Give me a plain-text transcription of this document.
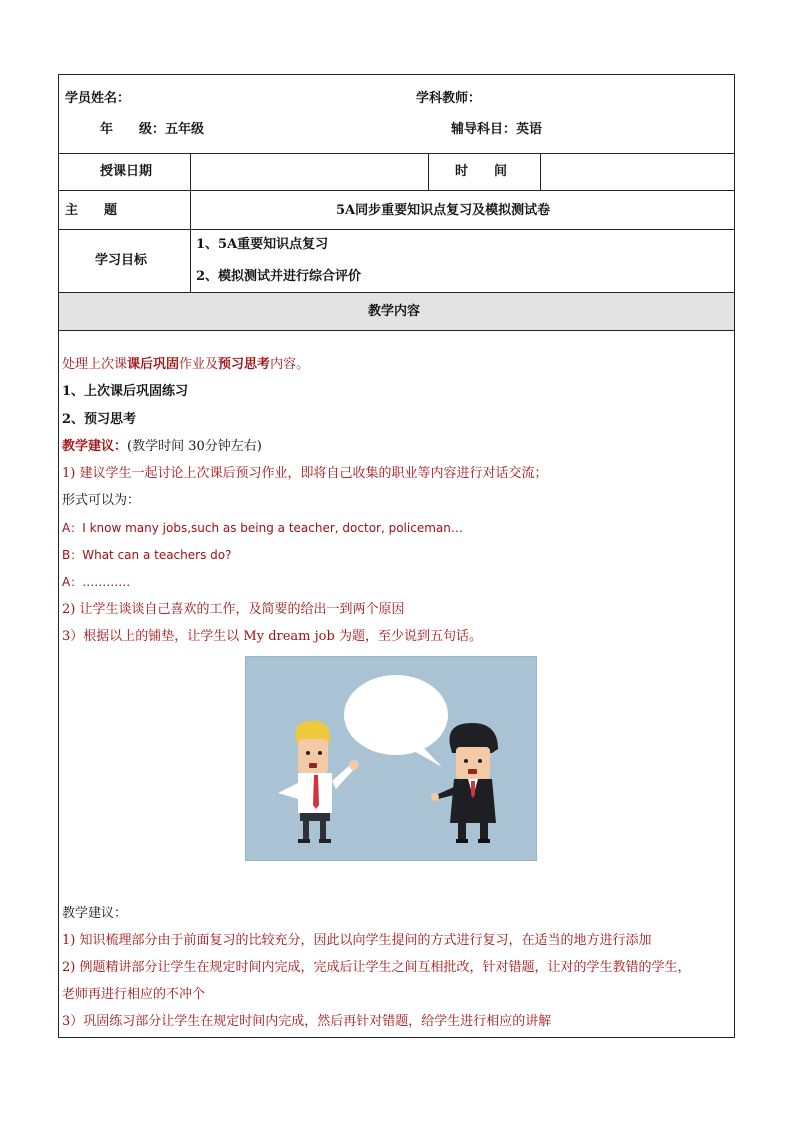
学员姓名：	学科教师：
年　　级：五年级	辅导科目：英语
授课日期	时　　间
主　　题	5A同步重要知识点复习及模拟测试卷
学习目标
1、5A重要知识点复习
2、模拟测试并进行综合评价
教学内容
处理上次课课后巩固作业及预习思考内容。
1、上次课后巩固练习
2、预习思考
教学建议：(教学时间 30分钟左右)
1) 建议学生一起讨论上次课后预习作业，即将自己收集的职业等内容进行对话交流；
形式可以为：
A：I know many jobs,such as being a teacher, doctor, policeman…
B：What can a teachers do?
A：…………
2) 让学生谈谈自己喜欢的工作，及简要的给出一到两个原因
3）根据以上的铺垫，让学生以 My dream job 为题，至少说到五句话。
教学建议：
1) 知识梳理部分由于前面复习的比较充分，因此以向学生提问的方式进行复习，在适当的地方进行添加
2) 例题精讲部分让学生在规定时间内完成，完成后让学生之间互相批改，针对错题，让对的学生教错的学生，
老师再进行相应的不冲个
3）巩固练习部分让学生在规定时间内完成，然后再针对错题，给学生进行相应的讲解
